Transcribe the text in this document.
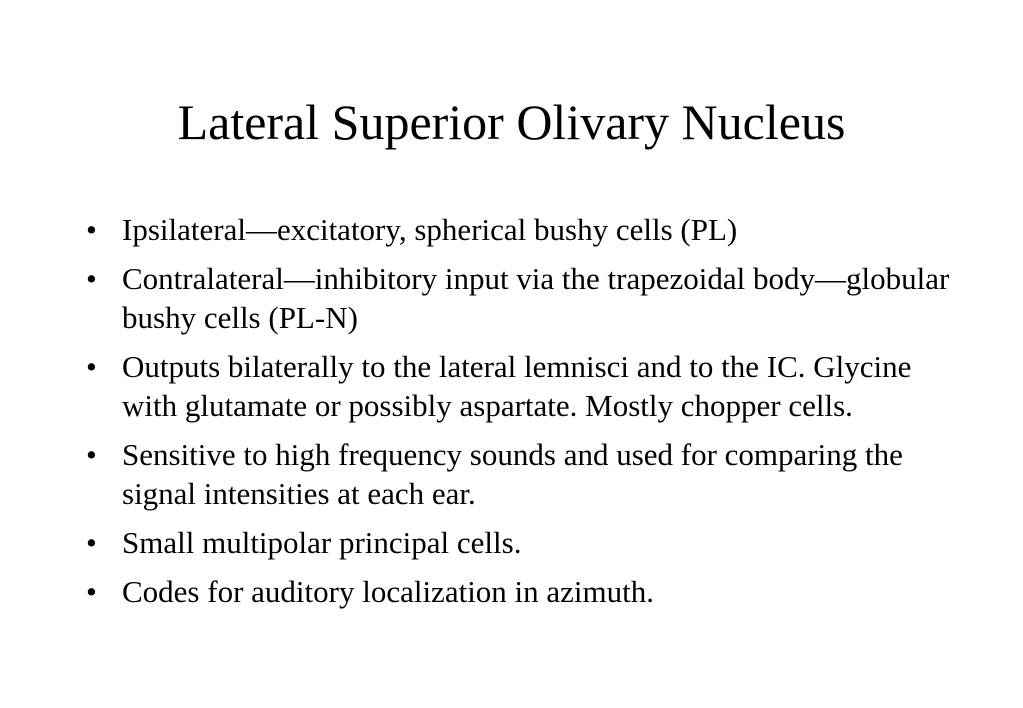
Lateral Superior Olivary Nucleus
• Ipsilateral—excitatory, spherical bushy cells (PL)
• Contralateral—inhibitory input via the trapezoidal body—globular bushy cells (PL-N)
• Outputs bilaterally to the lateral lemnisci and to the IC. Glycine with glutamate or possibly aspartate. Mostly chopper cells.
• Sensitive to high frequency sounds and used for comparing the signal intensities at each ear.
• Small multipolar principal cells.
• Codes for auditory localization in azimuth.
